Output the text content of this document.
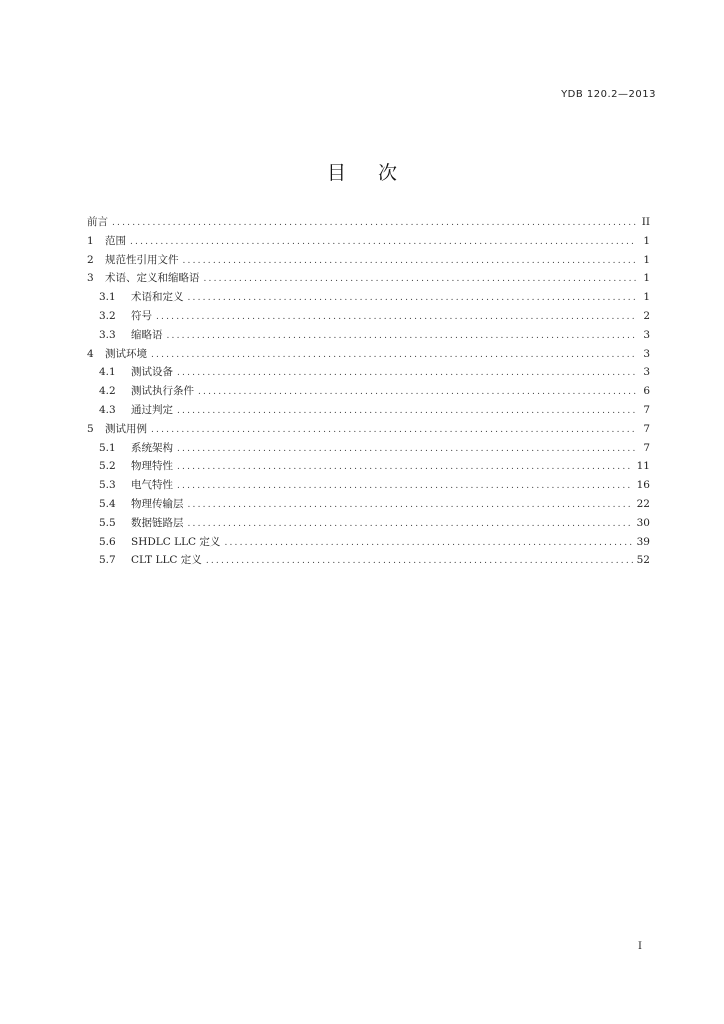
YDB 120.2—2013
目次
前言 .....	II
1	范围 .....	1
2	规范性引用文件 .....	1
3	术语、定义和缩略语 .....	1
3.1	术语和定义 .....	1
3.2	符号 .....	2
3.3	缩略语 .....	3
4	测试环境 .....	3
4.1	测试设备 .....	3
4.2	测试执行条件 .....	6
4.3	通过判定 .....	7
5	测试用例 .....	7
5.1	系统架构 .....	7
5.2	物理特性 .....	11
5.3	电气特性 .....	16
5.4	物理传输层 .....	22
5.5	数据链路层 .....	30
5.6	SHDLC LLC 定义 .....	39
5.7	CLT LLC 定义 .....	52
I
